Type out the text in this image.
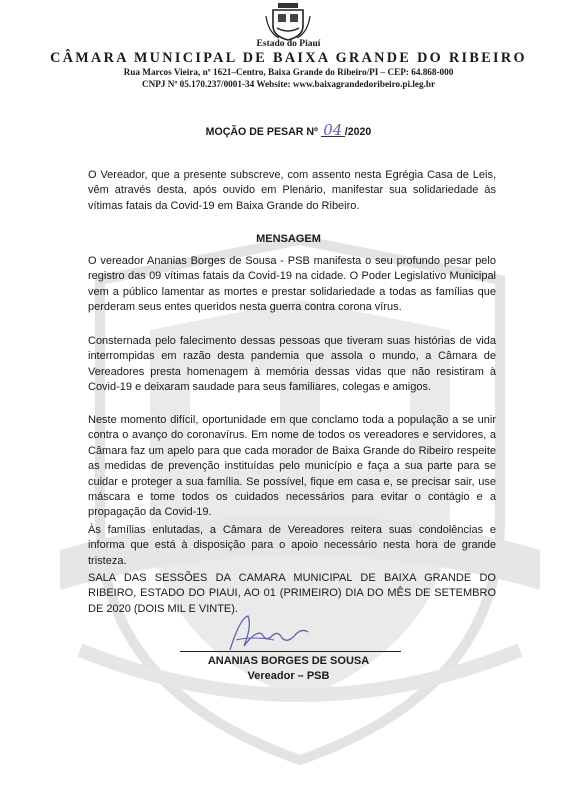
Estado do Piauí
CÂMARA MUNICIPAL DE BAIXA GRANDE DO RIBEIRO
Rua Marcos Vieira, nº 1621–Centro, Baixa Grande do Ribeiro/PI – CEP: 64.868-000
CNPJ Nº 05.170.237/0001-34 Website: www.baixagrandedoribeiro.pi.leg.br
MOÇÃO DE PESAR Nº 04 /2020

O Vereador, que a presente subscreve, com assento nesta Egrégia Casa de Leis, vêm através desta, após ouvido em Plenário, manifestar sua solidariedade às vítimas fatais da Covid-19 em Baixa Grande do Ribeiro.

MENSAGEM

O vereador Ananias Borges de Sousa - PSB manifesta o seu profundo pesar pelo registro das 09 vítimas fatais da Covid-19 na cidade. O Poder Legislativo Municipal vem a público lamentar as mortes e prestar solidariedade a todas as famílias que perderam seus entes queridos nesta guerra contra corona vírus.

Consternada pelo falecimento dessas pessoas que tiveram suas histórias de vida interrompidas em razão desta pandemia que assola o mundo, a Câmara de Vereadores presta homenagem à memória dessas vidas que não resistiram à Covid-19 e deixaram saudade para seus familiares, colegas e amigos.

Neste momento difícil, oportunidade em que conclamo toda a população a se unir contra o avanço do coronavírus. Em nome de todos os vereadores e servidores, a Câmara faz um apelo para que cada morador de Baixa Grande do Ribeiro respeite as medidas de prevenção instituídas pelo município e faça a sua parte para se cuidar e proteger a sua família. Se possível, fique em casa e, se precisar sair, use máscara e tome todos os cuidados necessários para evitar o contágio e a propagação da Covid-19.

Às famílias enlutadas, a Câmara de Vereadores reitera suas condolências e informa que está à disposição para o apoio necessário nesta hora de grande tristeza.

SALA DAS SESSÕES DA CAMARA MUNICIPAL DE BAIXA GRANDE DO RIBEIRO, ESTADO DO PIAUI, AO 01 (PRIMEIRO) DIA DO MÊS DE SETEMBRO DE 2020 (DOIS MIL E VINTE).

ANANIAS BORGES DE SOUSA
Vereador – PSB
